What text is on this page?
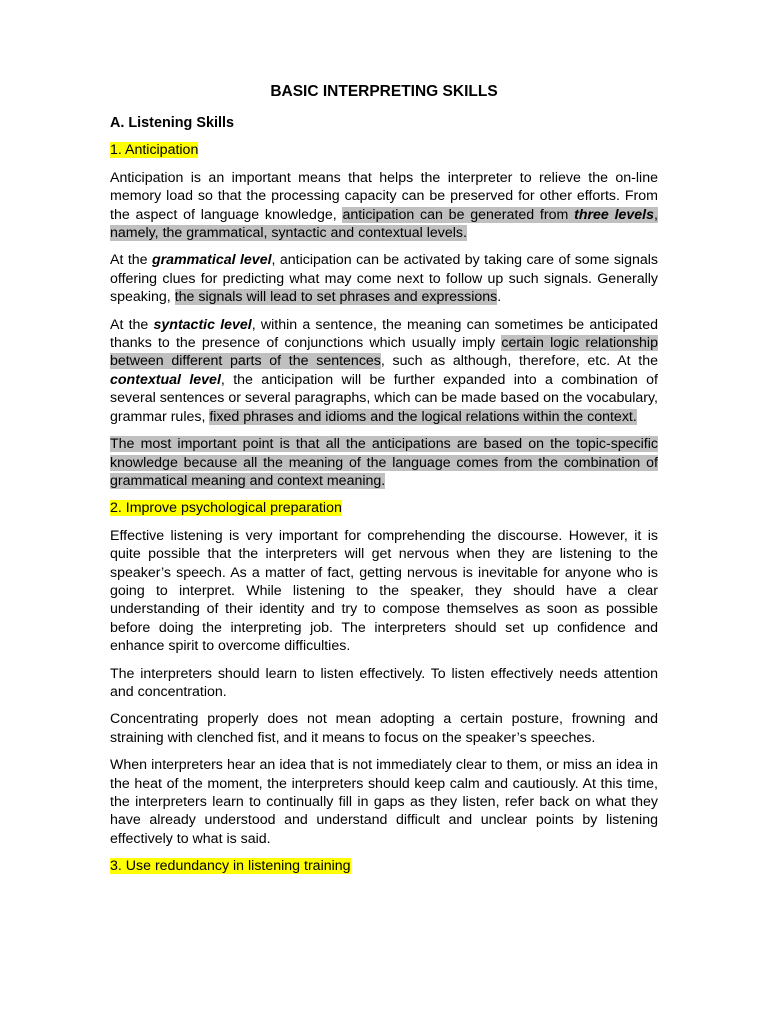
BASIC INTERPRETING SKILLS
A. Listening Skills
1. Anticipation

Anticipation is an important means that helps the interpreter to relieve the on-line memory load so that the processing capacity can be preserved for other efforts. From the aspect of language knowledge, anticipation can be generated from three levels, namely, the grammatical, syntactic and contextual levels.

At the grammatical level, anticipation can be activated by taking care of some signals offering clues for predicting what may come next to follow up such signals. Generally speaking, the signals will lead to set phrases and expressions.

At the syntactic level, within a sentence, the meaning can sometimes be anticipated thanks to the presence of conjunctions which usually imply certain logic relationship between different parts of the sentences, such as although, therefore, etc. At the contextual level, the anticipation will be further expanded into a combination of several sentences or several paragraphs, which can be made based on the vocabulary, grammar rules, fixed phrases and idioms and the logical relations within the context.

The most important point is that all the anticipations are based on the topic-specific knowledge because all the meaning of the language comes from the combination of grammatical meaning and context meaning.

2. Improve psychological preparation

Effective listening is very important for comprehending the discourse. However, it is quite possible that the interpreters will get nervous when they are listening to the speaker’s speech. As a matter of fact, getting nervous is inevitable for anyone who is going to interpret. While listening to the speaker, they should have a clear understanding of their identity and try to compose themselves as soon as possible before doing the interpreting job. The interpreters should set up confidence and enhance spirit to overcome difficulties.

The interpreters should learn to listen effectively. To listen effectively needs attention and concentration.

Concentrating properly does not mean adopting a certain posture, frowning and straining with clenched fist, and it means to focus on the speaker’s speeches.

When interpreters hear an idea that is not immediately clear to them, or miss an idea in the heat of the moment, the interpreters should keep calm and cautiously. At this time, the interpreters learn to continually fill in gaps as they listen, refer back on what they have already understood and understand difficult and unclear points by listening effectively to what is said.

3. Use redundancy in listening training
